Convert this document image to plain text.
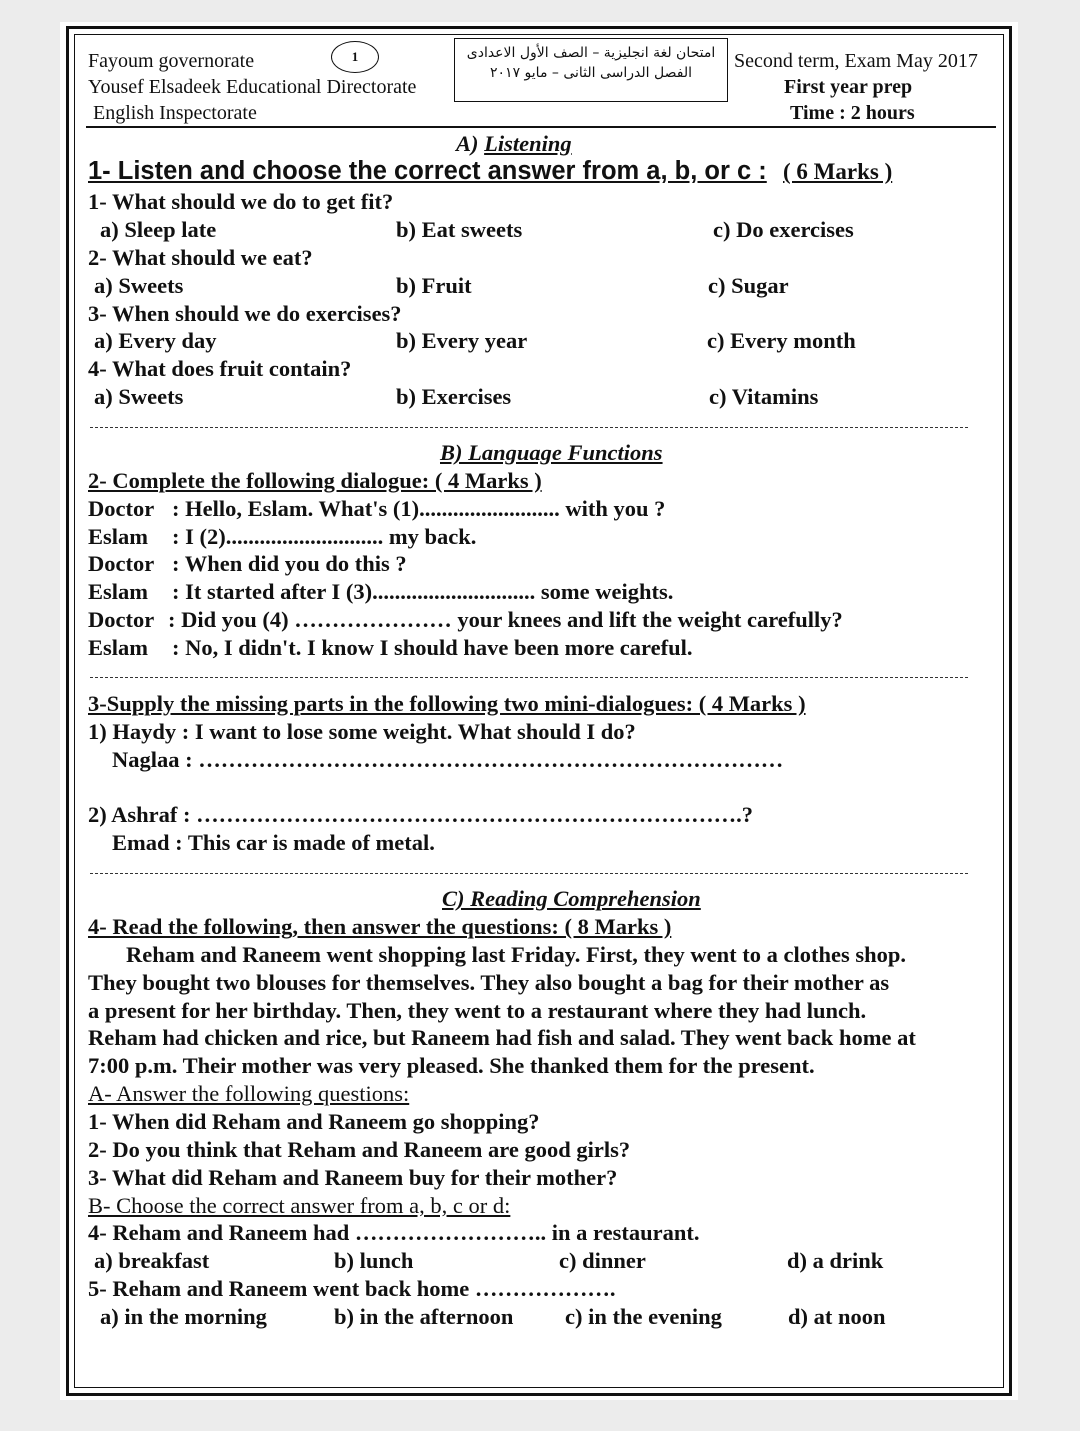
Fayoum governorate
Yousef Elsadeek Educational Directorate
English Inspectorate
1	امتحان لغة انجليزية – الصف الأول الاعدادى
الفصل الدراسى الثانى – مايو ٢٠١٧
Second term, Exam May 2017
First year prep
Time : 2 hours
A) Listening
1- Listen and choose the correct answer from a, b, or c : ( 6 Marks )
1- What should we do to get fit?
a) Sleep late	b) Eat sweets	c) Do exercises
2- What should we eat?
a) Sweets	b) Fruit	c) Sugar
3- When should we do exercises?
a) Every day	b) Every year	c) Every month
4- What does fruit contain?
a) Sweets	b) Exercises	c) Vitamins
B) Language Functions
2- Complete the following dialogue: ( 4 Marks )
Doctor : Hello, Eslam. What's (1)......................... with you ?
Eslam : I (2)............................ my back.
Doctor : When did you do this ?
Eslam : It started after I (3)............................. some weights.
Doctor : Did you (4) ………………… your knees and lift the weight carefully?
Eslam : No, I didn't. I know I should have been more careful.
3-Supply the missing parts in the following two mini-dialogues: ( 4 Marks )
1) Haydy : I want to lose some weight. What should I do?
Naglaa : ……………………………………………………………………
2) Ashraf : ……………………………………………………………….?
Emad : This car is made of metal.
C) Reading Comprehension
4- Read the following, then answer the questions: ( 8 Marks )
Reham and Raneem went shopping last Friday. First, they went to a clothes shop.
They bought two blouses for themselves. They also bought a bag for their mother as
a present for her birthday. Then, they went to a restaurant where they had lunch.
Reham had chicken and rice, but Raneem had fish and salad. They went back home at
7:00 p.m. Their mother was very pleased. She thanked them for the present.
A- Answer the following questions:
1- When did Reham and Raneem go shopping?
2- Do you think that Reham and Raneem are good girls?
3- What did Reham and Raneem buy for their mother?
B- Choose the correct answer from a, b, c or d:
4- Reham and Raneem had …………………….. in a restaurant.
a) breakfast	b) lunch	c) dinner	d) a drink
5- Reham and Raneem went back home ……………….
a) in the morning	b) in the afternoon c) in the evening	d) at noon
